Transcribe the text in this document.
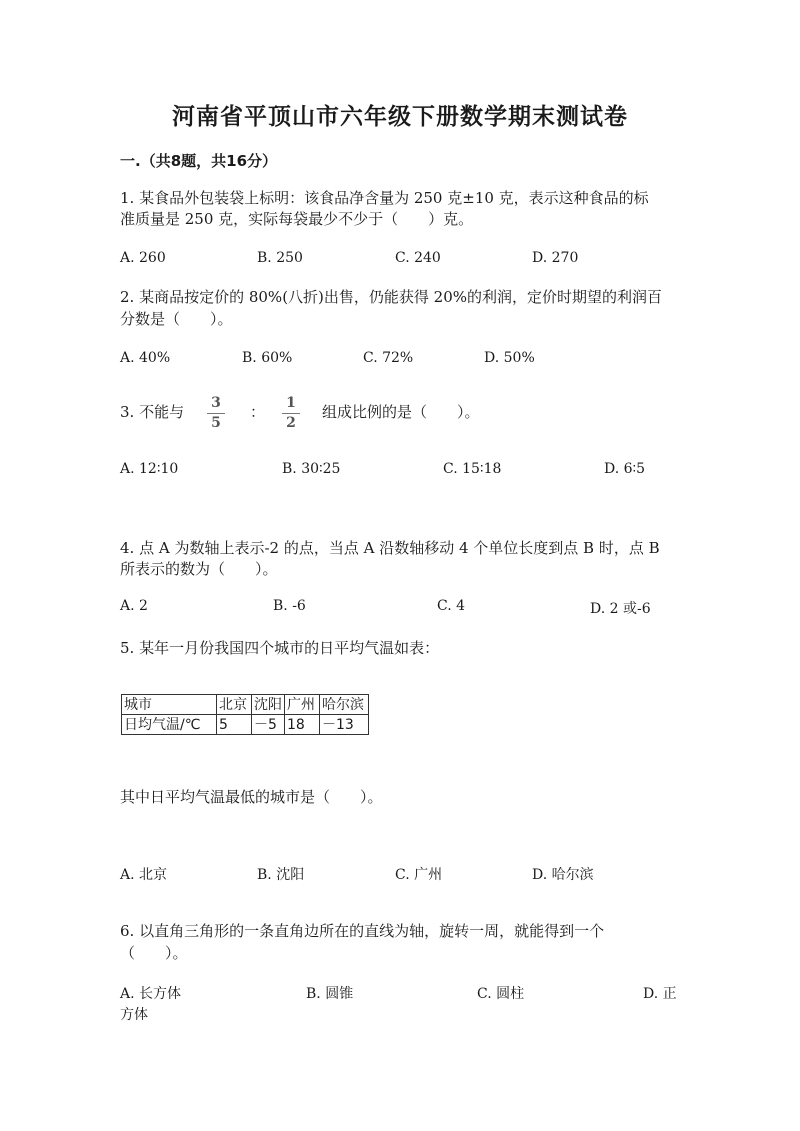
河南省平顶山市六年级下册数学期末测试卷
一.（共8题，共16分）
1. 某食品外包装袋上标明：该食品净含量为 250 克±10 克，表示这种食品的标
准质量是 250 克，实际每袋最少不少于（　　）克。
A. 260	B. 250	C. 240	D. 270
2. 某商品按定价的 80%(八折)出售，仍能获得 20%的利润，定价时期望的利润百
分数是（　　）。
A. 40%	B. 60%	C. 72%	D. 50%
3. 不能与 $\frac{3}{5}$ ： $\frac{1}{2}$ 组成比例的是（　　）。
A. 12∶10	B. 30∶25	C. 15∶18	D. 6∶5
4. 点 A 为数轴上表示-2 的点，当点 A 沿数轴移动 4 个单位长度到点 B 时，点 B
所表示的数为（　　）。
A. 2	B. -6	C. 4	D. 2 或-6
5. 某年一月份我国四个城市的日平均气温如表：
城市	北京	沈阳	广州	哈尔滨
日均气温/℃	5	－5	18	－13
其中日平均气温最低的城市是（　　）。
A. 北京	B. 沈阳	C. 广州	D. 哈尔滨
6. 以直角三角形的一条直角边所在的直线为轴，旋转一周，就能得到一个
（　　）。
A. 长方体	B. 圆锥	C. 圆柱	D. 正
方体
